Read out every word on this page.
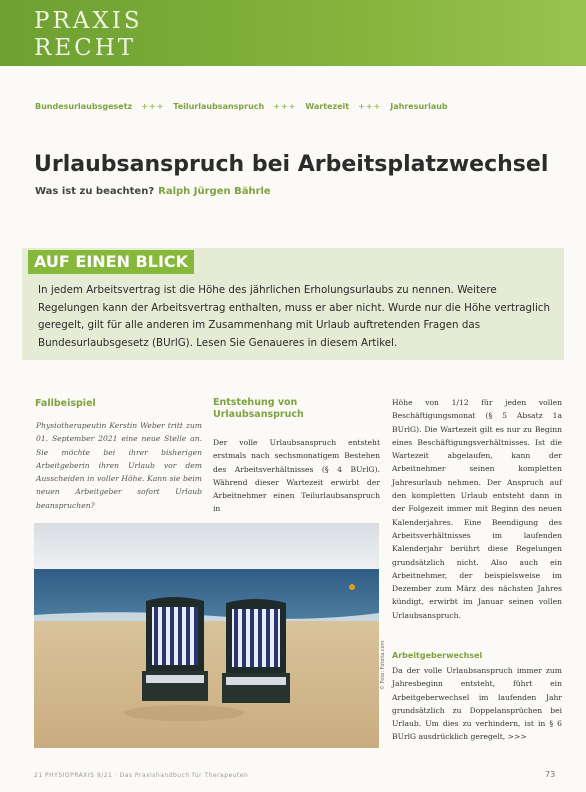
PRAXIS
RECHT
Bundesurlaubsgesetz +++ Teilurlaubsanspruch +++ Wartezeit +++ Jahresurlaub
Urlaubsanspruch bei Arbeitsplatzwechsel
Was ist zu beachten? Ralph Jürgen Bährle
AUF EINEN BLICK
In jedem Arbeitsvertrag ist die Höhe des jährlichen Erholungsurlaubs zu nennen. Weitere Regelungen kann der Arbeitsvertrag enthalten, muss er aber nicht. Wurde nur die Höhe vertraglich geregelt, gilt für alle anderen im Zusammenhang mit Urlaub auftretenden Fragen das Bundesurlaubsgesetz (BUrlG). Lesen Sie Genaueres in diesem Artikel.
Fallbeispiel
Physiotherapeutin Kerstin Weber tritt zum 01. September 2021 eine neue Stelle an. Sie möchte bei ihrer bisherigen Arbeitgeberin ihren Urlaub vor dem Ausscheiden in voller Höhe. Kann sie beim neuen Arbeitgeber sofort Urlaub beanspruchen?
Entstehung von Urlaubsanspruch
Der volle Urlaubsanspruch entsteht erstmals nach sechsmonatigem Bestehen des Arbeitsverhältnisses (§ 4 BUrlG). Während dieser Wartezeit erwirbt der Arbeitnehmer einen Teilurlaubsanspruch in
Höhe von 1/12 für jeden vollen Beschäftigungsmonat (§ 5 Absatz 1a BUrlG). Die Wartezeit gilt es nur zu Beginn eines Beschäftigungsverhältnisses. Ist die Wartezeit abgelaufen, kann der Arbeitnehmer seinen kompletten Jahresurlaub nehmen. Der Anspruch auf den kompletten Urlaub entsteht dann in der Folgezeit immer mit Beginn des neuen Kalenderjahres. Eine Beendigung des Arbeitsverhältnisses im laufenden Kalenderjahr berührt diese Regelungen grundsätzlich nicht. Also auch ein Arbeitnehmer, der beispielsweise im Dezember zum März des nächsten Jahres kündigt, erwirbt im Januar seinen vollen Urlaubsanspruch.
Arbeitgeberwechsel
Da der volle Urlaubsanspruch immer zum Jahresbeginn entsteht, führt ein Arbeitgeberwechsel im laufenden Jahr grundsätzlich zu Doppelansprüchen bei Urlaub. Um dies zu verhindern, ist in § 6 BUrlG ausdrücklich geregelt, >>>
© Foto: Fotolia.com
21 PHYSIOPRAXIS 9/21 · Das Praxishandbuch für Therapeuten	73
